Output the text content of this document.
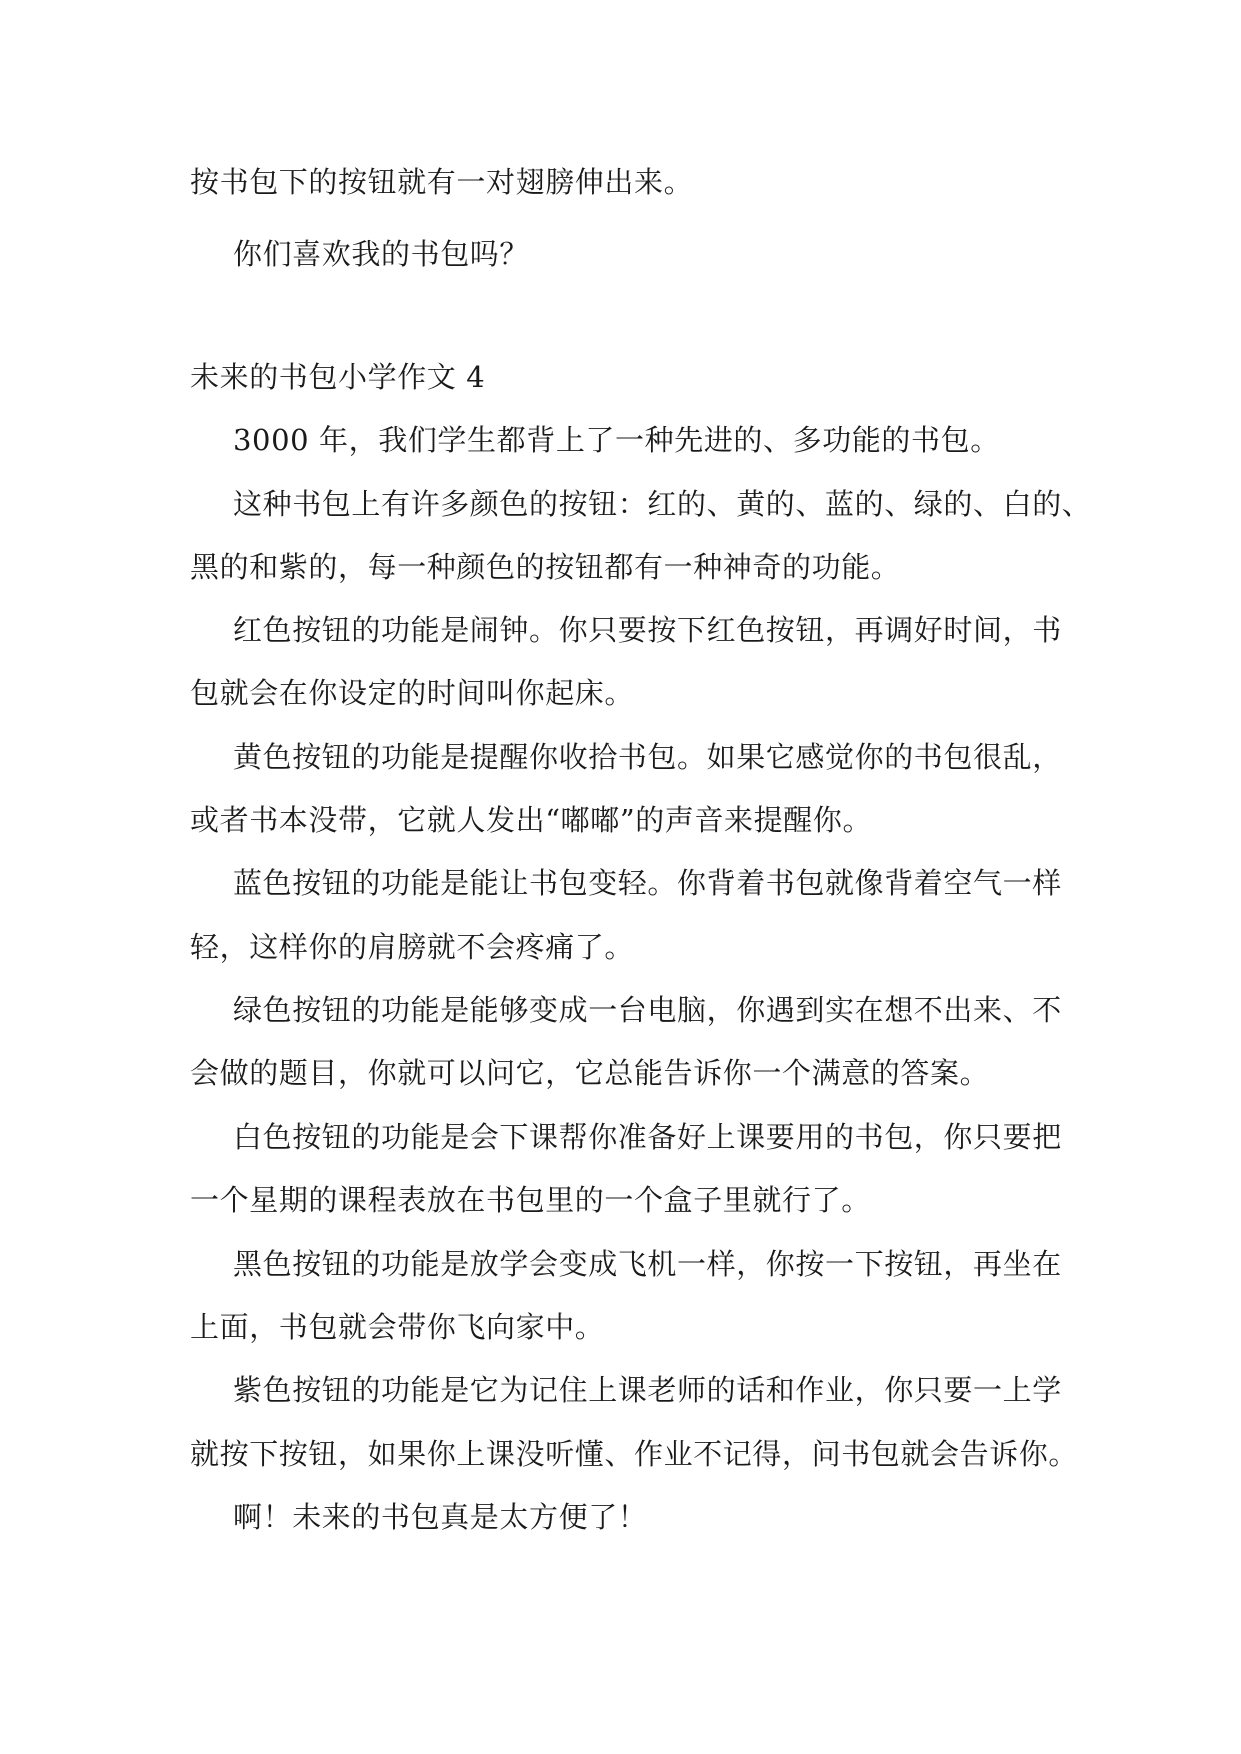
按书包下的按钮就有一对翅膀伸出来。

你们喜欢我的书包吗？

未来的书包小学作文 4

3000 年，我们学生都背上了一种先进的、多功能的书包。

这种书包上有许多颜色的按钮：红的、黄的、蓝的、绿的、白的、

黑的和紫的，每一种颜色的按钮都有一种神奇的功能。

红色按钮的功能是闹钟。你只要按下红色按钮，再调好时间，书

包就会在你设定的时间叫你起床。

黄色按钮的功能是提醒你收拾书包。如果它感觉你的书包很乱，

或者书本没带，它就人发出“嘟嘟”的声音来提醒你。

蓝色按钮的功能是能让书包变轻。你背着书包就像背着空气一样

轻，这样你的肩膀就不会疼痛了。

绿色按钮的功能是能够变成一台电脑，你遇到实在想不出来、不

会做的题目，你就可以问它，它总能告诉你一个满意的答案。

白色按钮的功能是会下课帮你准备好上课要用的书包，你只要把

一个星期的课程表放在书包里的一个盒子里就行了。

黑色按钮的功能是放学会变成飞机一样，你按一下按钮，再坐在

上面，书包就会带你飞向家中。

紫色按钮的功能是它为记住上课老师的话和作业，你只要一上学

就按下按钮，如果你上课没听懂、作业不记得，问书包就会告诉你。

啊！未来的书包真是太方便了！
